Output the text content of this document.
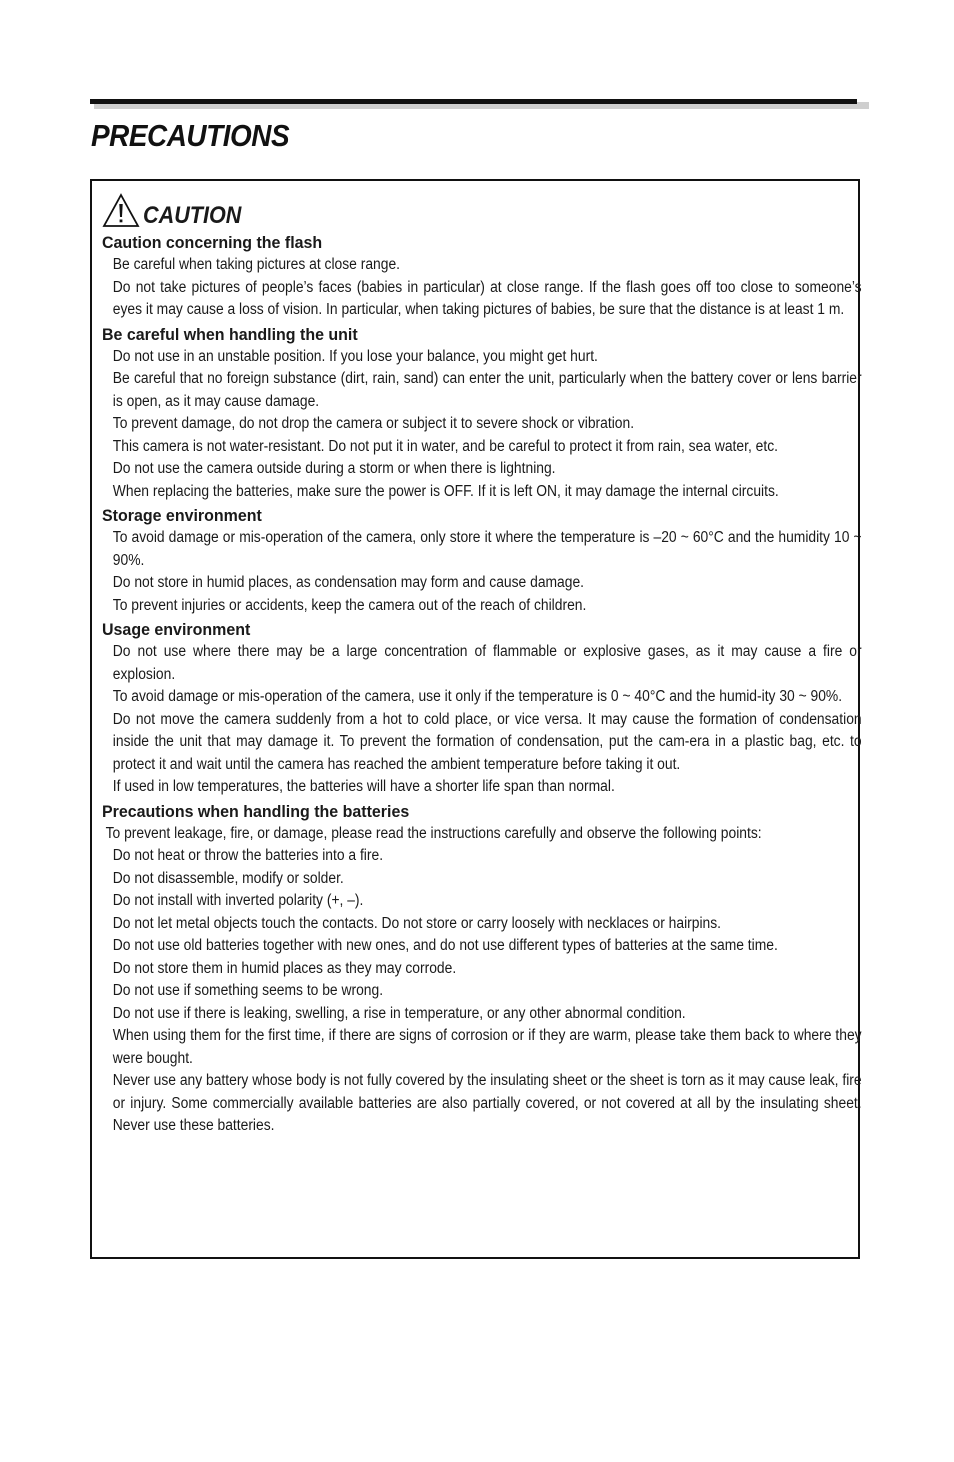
PRECAUTIONS
CAUTION
Caution concerning the flash
Be careful when taking pictures at close range.
Do not take pictures of people’s faces (babies in particular) at close range. If the flash goes off too close to someone’s eyes it may cause a loss of vision. In particular, when taking pictures of babies, be sure that the distance is at least 1 m.
Be careful when handling the unit
Do not use in an unstable position. If you lose your balance, you might get hurt.
Be careful that no foreign substance (dirt, rain, sand) can enter the unit, particularly when the battery cover or lens barrier is open, as it may cause damage.
To prevent damage, do not drop the camera or subject it to severe shock or vibration.
This camera is not water-resistant. Do not put it in water, and be careful to protect it from rain, sea water, etc.
Do not use the camera outside during a storm or when there is lightning.
When replacing the batteries, make sure the power is OFF. If it is left ON, it may damage the internal circuits.
Storage environment
To avoid damage or mis-operation of the camera, only store it where the temperature is –20 ~ 60°C and the humidity 10 ~ 90%.
Do not store in humid places, as condensation may form and cause damage.
To prevent injuries or accidents, keep the camera out of the reach of children.
Usage environment
Do not use where there may be a large concentration of flammable or explosive gases, as it may cause a fire or explosion.
To avoid damage or mis-operation of the camera, use it only if the temperature is 0 ~ 40°C and the humid-ity 30 ~ 90%.
Do not move the camera suddenly from a hot to cold place, or vice versa. It may cause the formation of condensation inside the unit that may damage it. To prevent the formation of condensation, put the cam-era in a plastic bag, etc. to protect it and wait until the camera has reached the ambient temperature before taking it out.
If used in low temperatures, the batteries will have a shorter life span than normal.
Precautions when handling the batteries
To prevent leakage, fire, or damage, please read the instructions carefully and observe the following points:
Do not heat or throw the batteries into a fire.
Do not disassemble, modify or solder.
Do not install with inverted polarity (+, –).
Do not let metal objects touch the contacts. Do not store or carry loosely with necklaces or hairpins.
Do not use old batteries together with new ones, and do not use different types of batteries at the same time.
Do not store them in humid places as they may corrode.
Do not use if something seems to be wrong.
Do not use if there is leaking, swelling, a rise in temperature, or any other abnormal condition.
When using them for the first time, if there are signs of corrosion or if they are warm, please take them back to where they were bought.
Never use any battery whose body is not fully covered by the insulating sheet or the sheet is torn as it may cause leak, fire or injury. Some commercially available batteries are also partially covered, or not covered at all by the insulating sheet. Never use these batteries.
